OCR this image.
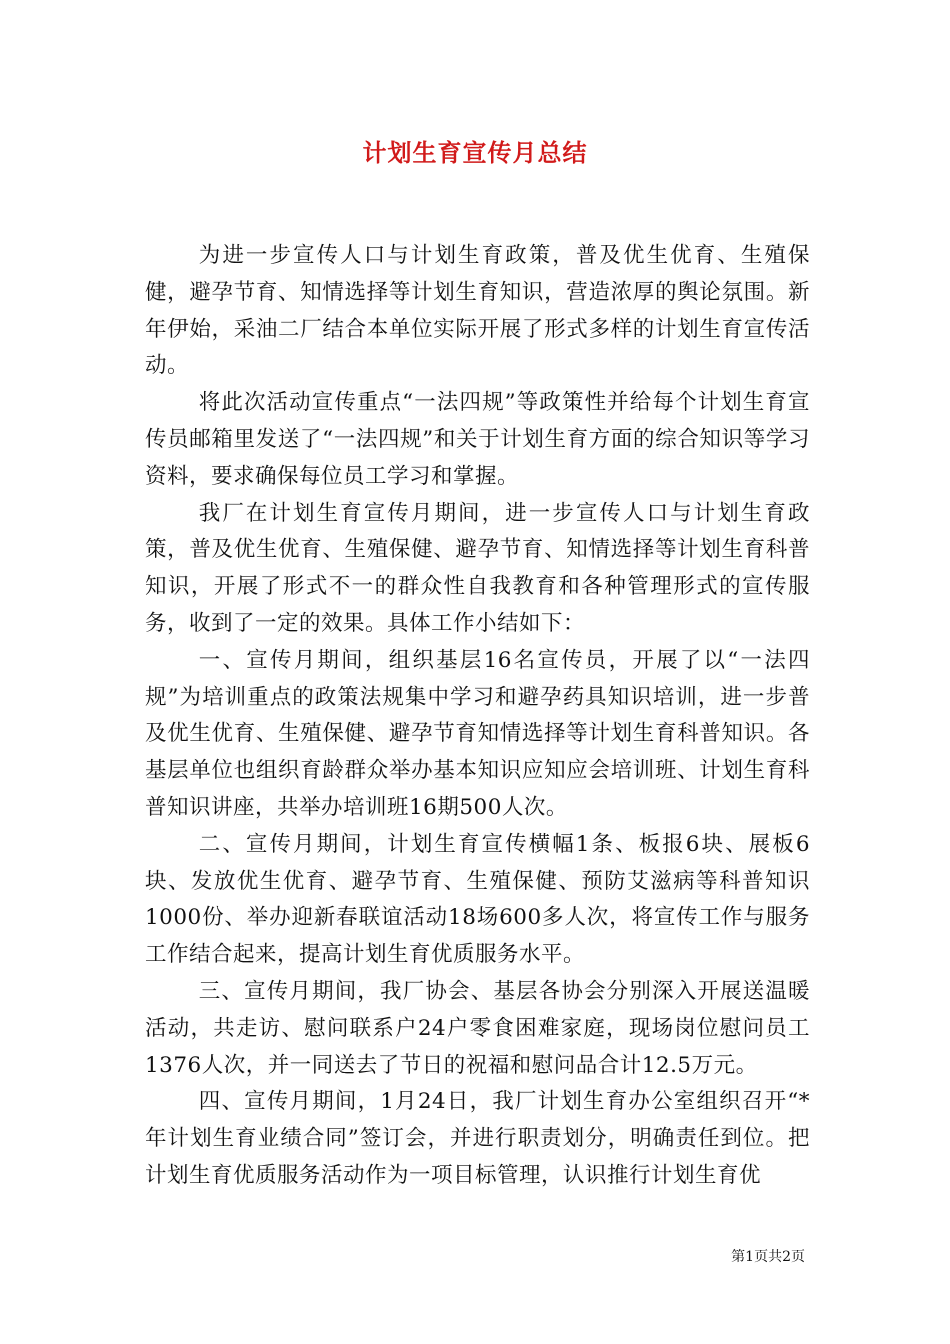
计划生育宣传月总结

为进一步宣传人口与计划生育政策，普及优生优育、生殖保健，避孕节育、知情选择等计划生育知识，营造浓厚的舆论氛围。新年伊始，采油二厂结合本单位实际开展了形式多样的计划生育宣传活动。

将此次活动宣传重点“一法四规”等政策性并给每个计划生育宣传员邮箱里发送了“一法四规”和关于计划生育方面的综合知识等学习资料，要求确保每位员工学习和掌握。

我厂在计划生育宣传月期间，进一步宣传人口与计划生育政策，普及优生优育、生殖保健、避孕节育、知情选择等计划生育科普知识，开展了形式不一的群众性自我教育和各种管理形式的宣传服务，收到了一定的效果。具体工作小结如下：

一、宣传月期间，组织基层16名宣传员，开展了以“一法四规”为培训重点的政策法规集中学习和避孕药具知识培训，进一步普及优生优育、生殖保健、避孕节育知情选择等计划生育科普知识。各基层单位也组织育龄群众举办基本知识应知应会培训班、计划生育科普知识讲座，共举办培训班16期500人次。

二、宣传月期间，计划生育宣传横幅1条、板报6块、展板6块、发放优生优育、避孕节育、生殖保健、预防艾滋病等科普知识1000份、举办迎新春联谊活动18场600多人次，将宣传工作与服务工作结合起来，提高计划生育优质服务水平。

三、宣传月期间，我厂协会、基层各协会分别深入开展送温暖活动，共走访、慰问联系户24户零食困难家庭，现场岗位慰问员工1376人次，并一同送去了节日的祝福和慰问品合计12.5万元。

四、宣传月期间，1月24日，我厂计划生育办公室组织召开“*年计划生育业绩合同”签订会，并进行职责划分，明确责任到位。把计划生育优质服务活动作为一项目标管理，认识推行计划生育优

第1页共2页
